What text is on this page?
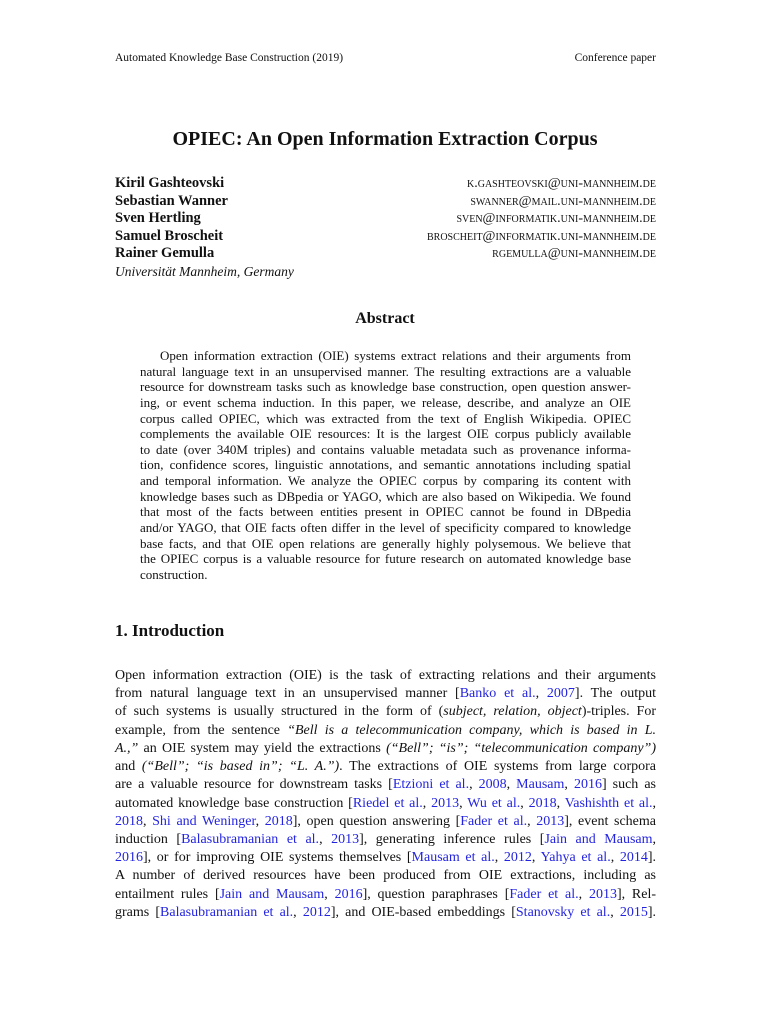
Automated Knowledge Base Construction (2019)	Conference paper
OPIEC: An Open Information Extraction Corpus
Kiril Gashteovski	k.gashteovski@uni-mannheim.de
Sebastian Wanner	swanner@mail.uni-mannheim.de
Sven Hertling	sven@informatik.uni-mannheim.de
Samuel Broscheit	broscheit@informatik.uni-mannheim.de
Rainer Gemulla	rgemulla@uni-mannheim.de
Universität Mannheim, Germany
Abstract
Open information extraction (OIE) systems extract relations and their arguments from
natural language text in an unsupervised manner. The resulting extractions are a valuable
resource for downstream tasks such as knowledge base construction, open question answer-
ing, or event schema induction. In this paper, we release, describe, and analyze an OIE
corpus called OPIEC, which was extracted from the text of English Wikipedia. OPIEC
complements the available OIE resources: It is the largest OIE corpus publicly available
to date (over 340M triples) and contains valuable metadata such as provenance informa-
tion, confidence scores, linguistic annotations, and semantic annotations including spatial
and temporal information. We analyze the OPIEC corpus by comparing its content with
knowledge bases such as DBpedia or YAGO, which are also based on Wikipedia. We found
that most of the facts between entities present in OPIEC cannot be found in DBpedia
and/or YAGO, that OIE facts often differ in the level of specificity compared to knowledge
base facts, and that OIE open relations are generally highly polysemous. We believe that
the OPIEC corpus is a valuable resource for future research on automated knowledge base
construction.
1. Introduction
Open information extraction (OIE) is the task of extracting relations and their arguments
from natural language text in an unsupervised manner [Banko et al., 2007]. The output
of such systems is usually structured in the form of (subject, relation, object)-triples. For
example, from the sentence “Bell is a telecommunication company, which is based in L.
A.,” an OIE system may yield the extractions (“Bell”; “is”; “telecommunication company”)
and (“Bell”; “is based in”; “L. A.”). The extractions of OIE systems from large corpora
are a valuable resource for downstream tasks [Etzioni et al., 2008, Mausam, 2016] such as
automated knowledge base construction [Riedel et al., 2013, Wu et al., 2018, Vashishth et al.,
2018, Shi and Weninger, 2018], open question answering [Fader et al., 2013], event schema
induction [Balasubramanian et al., 2013], generating inference rules [Jain and Mausam,
2016], or for improving OIE systems themselves [Mausam et al., 2012, Yahya et al., 2014].
A number of derived resources have been produced from OIE extractions, including as
entailment rules [Jain and Mausam, 2016], question paraphrases [Fader et al., 2013], Rel-
grams [Balasubramanian et al., 2012], and OIE-based embeddings [Stanovsky et al., 2015].
